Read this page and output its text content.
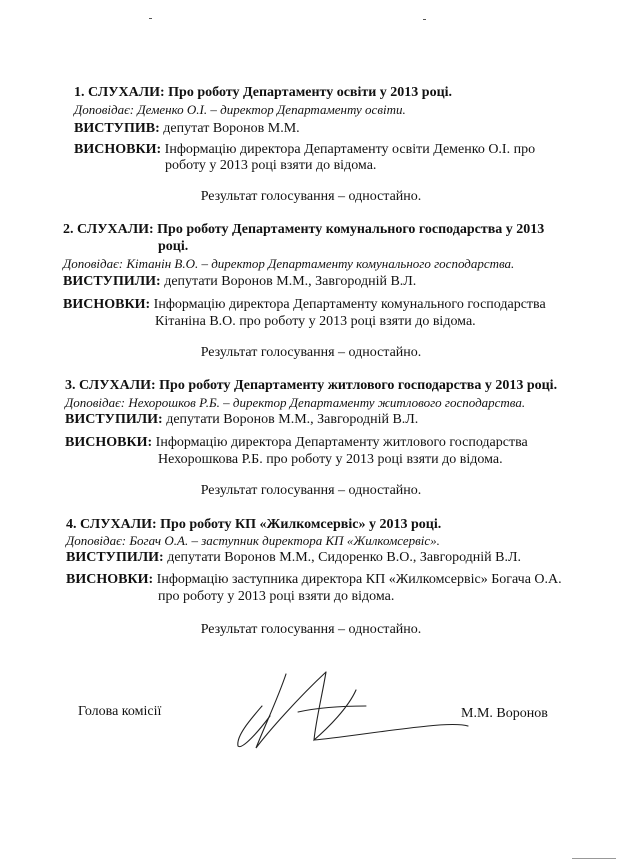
1. СЛУХАЛИ: Про роботу Департаменту освіти у 2013 році.
Доповідає: Деменко О.І. – директор Департаменту освіти.
ВИСТУПИВ: депутат Воронов М.М.
ВИСНОВКИ: Інформацію директора Департаменту освіти Деменко О.І. про
роботу у 2013 році взяти до відома.
Результат голосування – одностайно.
2. СЛУХАЛИ: Про роботу Департаменту комунального господарства у 2013
році.
Доповідає: Кітанін В.О. – директор Департаменту комунального господарства.
ВИСТУПИЛИ: депутати Воронов М.М., Завгородній В.Л.
ВИСНОВКИ: Інформацію директора Департаменту комунального господарства
Кітаніна В.О. про роботу у 2013 році взяти до відома.
Результат голосування – одностайно.
3. СЛУХАЛИ: Про роботу Департаменту житлового господарства у 2013 році.
Доповідає: Нехорошков Р.Б. – директор Департаменту житлового господарства.
ВИСТУПИЛИ: депутати Воронов М.М., Завгородній В.Л.
ВИСНОВКИ: Інформацію директора Департаменту житлового господарства
Нехорошкова Р.Б. про роботу у 2013 році взяти до відома.
Результат голосування – одностайно.
4. СЛУХАЛИ: Про роботу КП «Жилкомсервіс» у 2013 році.
Доповідає: Богач О.А. – заступник директора КП «Жилкомсервіс».
ВИСТУПИЛИ: депутати Воронов М.М., Сидоренко В.О., Завгородній В.Л.
ВИСНОВКИ: Інформацію заступника директора КП «Жилкомсервіс» Богача О.А.
про роботу у 2013 році взяти до відома.
Результат голосування – одностайно.
Голова комісії	М.М. Воронов
